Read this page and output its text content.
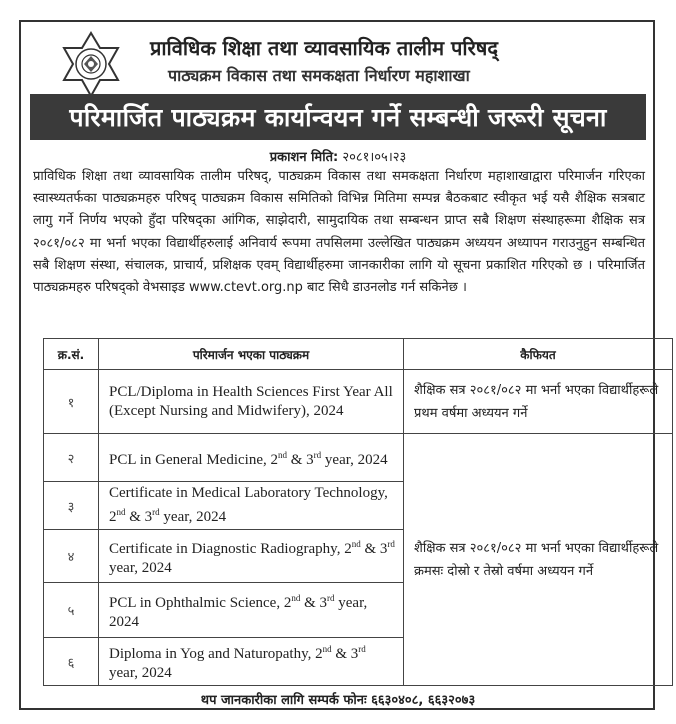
प्राविधिक शिक्षा तथा व्यावसायिक तालीम परिषद्
पाठ्यक्रम विकास तथा समकक्षता निर्धारण महाशाखा
परिमार्जित पाठ्यक्रम कार्यान्वयन गर्ने सम्बन्धी जरूरी सूचना
प्रकाशन मिति: २०८१।०५।२३
प्राविधिक शिक्षा तथा व्यावसायिक तालीम परिषद्, पाठ्यक्रम विकास तथा समकक्षता निर्धारण महाशाखाद्वारा परिमार्जन गरिएका स्वास्थ्यतर्फका पाठ्यक्रमहरु परिषद् पाठ्यक्रम विकास समितिको विभिन्न मितिमा सम्पन्न बैठकबाट स्वीकृत भई यसै शैक्षिक सत्रबाट लागु गर्ने निर्णय भएको हुँदा परिषद्का आंगिक, साझेदारी, सामुदायिक तथा सम्बन्धन प्राप्त सबै शिक्षण संस्थाहरूमा शैक्षिक सत्र २०८१/०८२ मा भर्ना भएका विद्यार्थीहरुलाई अनिवार्य रूपमा तपसिलमा उल्लेखित पाठ्यक्रम अध्ययन अध्यापन गराउनुहुन सम्बन्धित सबै शिक्षण संस्था, संचालक, प्राचार्य, प्रशिक्षक एवम् विद्यार्थीहरुमा जानकारीका लागि यो सूचना प्रकाशित गरिएको छ । परिमार्जित पाठ्यक्रमहरु परिषद्‌को वेभसाइड www.ctevt.org.np बाट सिधै डाउनलोड गर्न सकिनेछ ।
क्र.सं.	परिमार्जन भएका पाठ्यक्रम	कैफियत
१	PCL/Diploma in Health Sciences First Year All (Except Nursing and Midwifery), 2024	शैक्षिक सत्र २०८१/०८२ मा भर्ना भएका विद्यार्थीहरूले प्रथम वर्षमा अध्ययन गर्ने
२	PCL in General Medicine, 2nd & 3rd year, 2024	शैक्षिक सत्र २०८१/०८२ मा भर्ना भएका विद्यार्थीहरूले क्रमसः दोस्रो र तेस्रो वर्षमा अध्ययन गर्ने
३	Certificate in Medical Laboratory Technology, 2nd & 3rd year, 2024	
४	Certificate in Diagnostic Radiography, 2nd & 3rd year, 2024	
५	PCL in Ophthalmic Science, 2nd & 3rd year, 2024	
६	Diploma in Yog and Naturopathy, 2nd & 3rd year, 2024	
थप जानकारीका लागि सम्पर्क फोनः ६६३०४०८, ६६३२०७३
